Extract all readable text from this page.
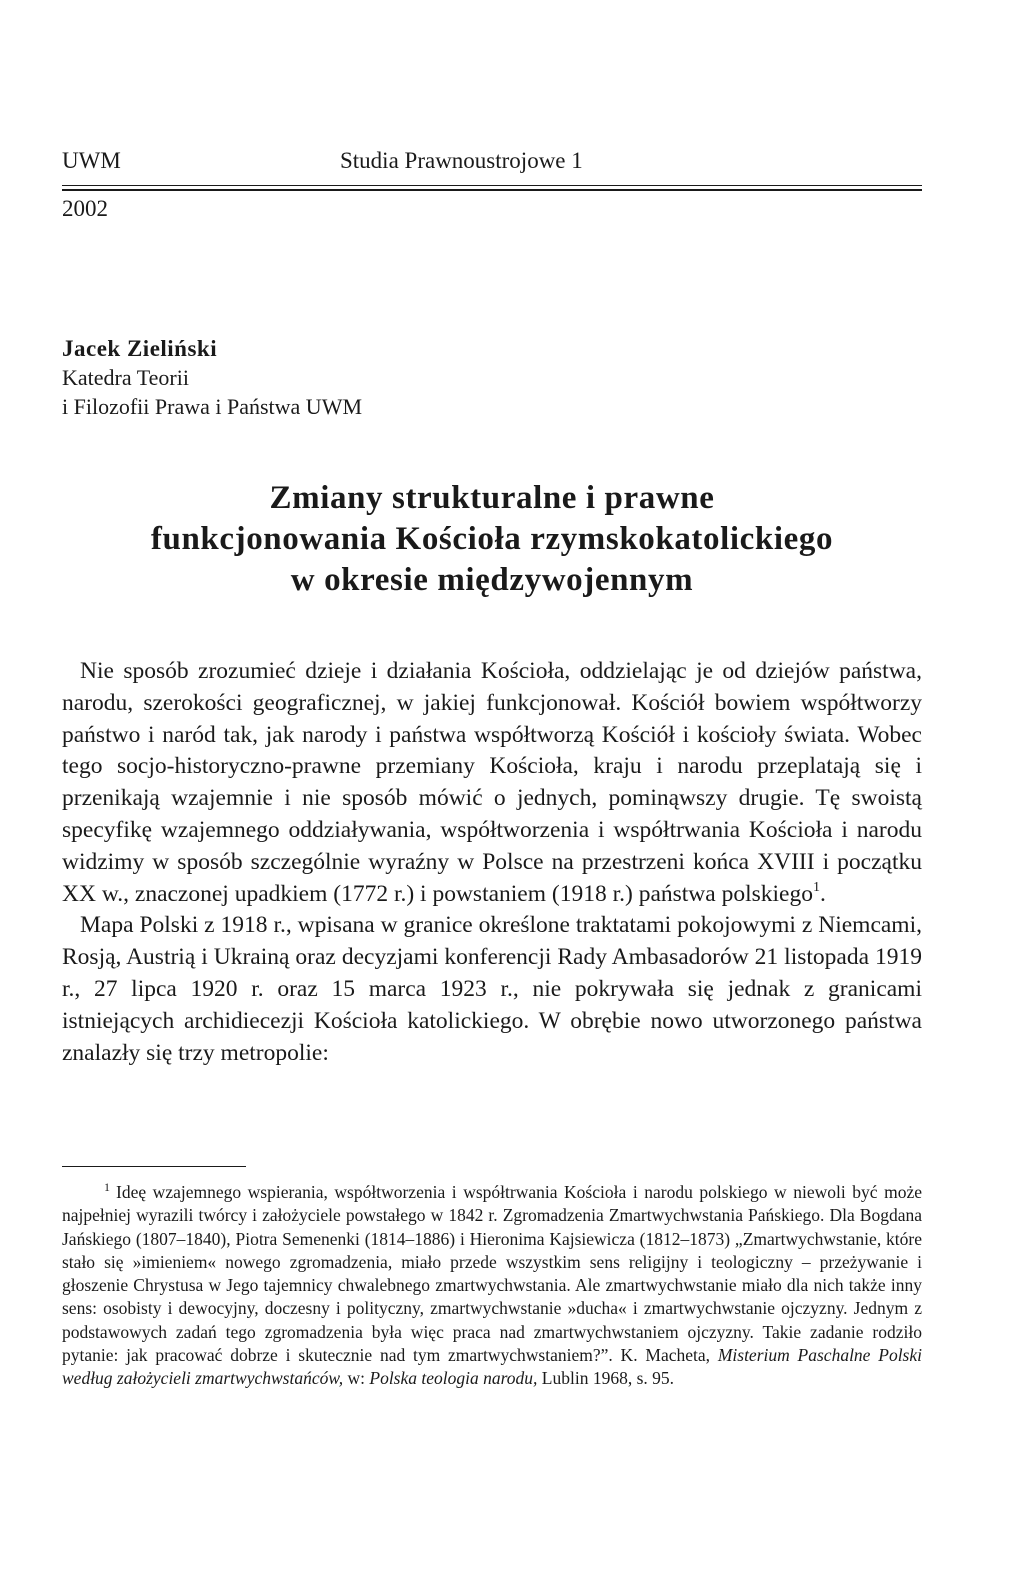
UWM	Studia Prawnoustrojowe 1
2002
Jacek Zieliński
Katedra Teorii
i Filozofii Prawa i Państwa UWM
Zmiany strukturalne i prawne
funkcjonowania Kościoła rzymskokatolickiego
w okresie międzywojennym

Nie sposób zrozumieć dzieje i działania Kościoła, oddzielając je od dziejów państwa, narodu, szerokości geograficznej, w jakiej funkcjonował. Kościół bowiem współtworzy państwo i naród tak, jak narody i państwa współtworzą Kościół i kościoły świata. Wobec tego socjo-historyczno-prawne przemiany Kościoła, kraju i narodu przeplatają się i przenikają wzajemnie i nie sposób mówić o jednych, pominąwszy drugie. Tę swoistą specyfikę wzajemnego oddziaływania, współtworzenia i współtrwania Kościoła i narodu widzimy w sposób szczególnie wyraźny w Polsce na przestrzeni końca XVIII i początku XX w., znaczonej upadkiem (1772 r.) i powstaniem (1918 r.) państwa polskiego$^1$.

Mapa Polski z 1918 r., wpisana w granice określone traktatami pokojowymi z Niemcami, Rosją, Austrią i Ukrainą oraz decyzjami konferencji Rady Ambasadorów 21 listopada 1919 r., 27 lipca 1920 r. oraz 15 marca 1923 r., nie pokrywała się jednak z granicami istniejących archidiecezji Kościoła katolickiego. W obrębie nowo utworzonego państwa znalazły się trzy metropolie:

$^1$ Ideę wzajemnego wspierania, współtworzenia i współtrwania Kościoła i narodu polskiego w niewoli być może najpełniej wyrazili twórcy i założyciele powstałego w 1842 r. Zgromadzenia Zmartwychwstania Pańskiego. Dla Bogdana Jańskiego (1807–1840), Piotra Semenenki (1814–1886) i Hieronima Kajsiewicza (1812–1873) „Zmartwychwstanie, które stało się »imieniem« nowego zgromadzenia, miało przede wszystkim sens religijny i teologiczny – przeżywanie i głoszenie Chrystusa w Jego tajemnicy chwalebnego zmartwychwstania. Ale zmartwychwstanie miało dla nich także inny sens: osobisty i dewocyjny, doczesny i polityczny, zmartwychwstanie »ducha« i zmartwychwstanie ojczyzny. Jednym z podstawowych zadań tego zgromadzenia była więc praca nad zmartwychwstaniem ojczyzny. Takie zadanie rodziło pytanie: jak pracować dobrze i skutecznie nad tym zmartwychwstaniem?”. K. Macheta, Misterium Paschalne Polski według założycieli zmartwychwstańców, w: Polska teologia narodu, Lublin 1968, s. 95.
